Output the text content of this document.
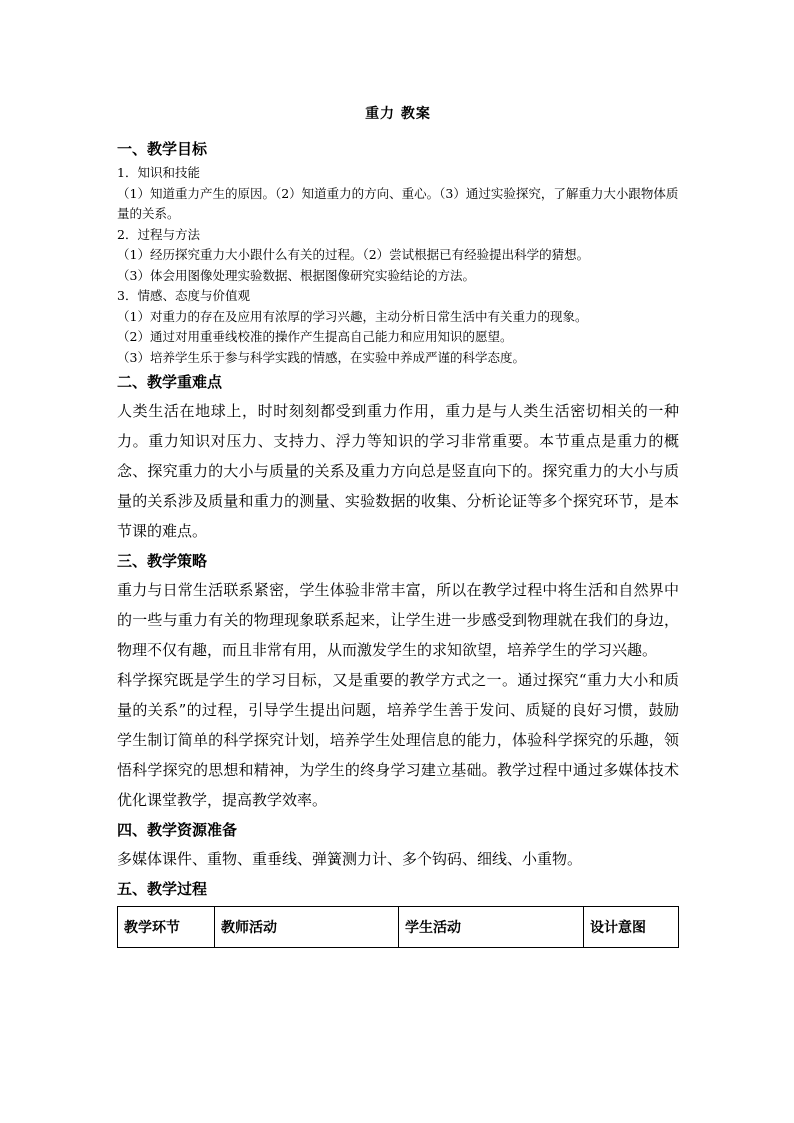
重力 教案
一、教学目标

1．知识和技能

（1）知道重力产生的原因。（2）知道重力的方向、重心。（3）通过实验探究，了解重力大小跟物体质量的关系。

2．过程与方法

（1）经历探究重力大小跟什么有关的过程。（2）尝试根据已有经验提出科学的猜想。

（3）体会用图像处理实验数据、根据图像研究实验结论的方法。

3．情感、态度与价值观

（1）对重力的存在及应用有浓厚的学习兴趣，主动分析日常生活中有关重力的现象。

（2）通过对用重垂线校准的操作产生提高自己能力和应用知识的愿望。

（3）培养学生乐于参与科学实践的情感，在实验中养成严谨的科学态度。

二、教学重难点

人类生活在地球上，时时刻刻都受到重力作用，重力是与人类生活密切相关的一种力。重力知识对压力、支持力、浮力等知识的学习非常重要。本节重点是重力的概念、探究重力的大小与质量的关系及重力方向总是竖直向下的。探究重力的大小与质量的关系涉及质量和重力的测量、实验数据的收集、分析论证等多个探究环节，是本节课的难点。

三、教学策略

重力与日常生活联系紧密，学生体验非常丰富，所以在教学过程中将生活和自然界中的一些与重力有关的物理现象联系起来，让学生进一步感受到物理就在我们的身边，物理不仅有趣，而且非常有用，从而激发学生的求知欲望，培养学生的学习兴趣。

科学探究既是学生的学习目标，又是重要的教学方式之一。通过探究“重力大小和质量的关系”的过程，引导学生提出问题，培养学生善于发问、质疑的良好习惯，鼓励学生制订简单的科学探究计划，培养学生处理信息的能力，体验科学探究的乐趣，领悟科学探究的思想和精神，为学生的终身学习建立基础。教学过程中通过多媒体技术优化课堂教学，提高教学效率。

四、教学资源准备

多媒体课件、重物、重垂线、弹簧测力计、多个钩码、细线、小重物。

五、教学过程
教学环节	教师活动	学生活动	设计意图
